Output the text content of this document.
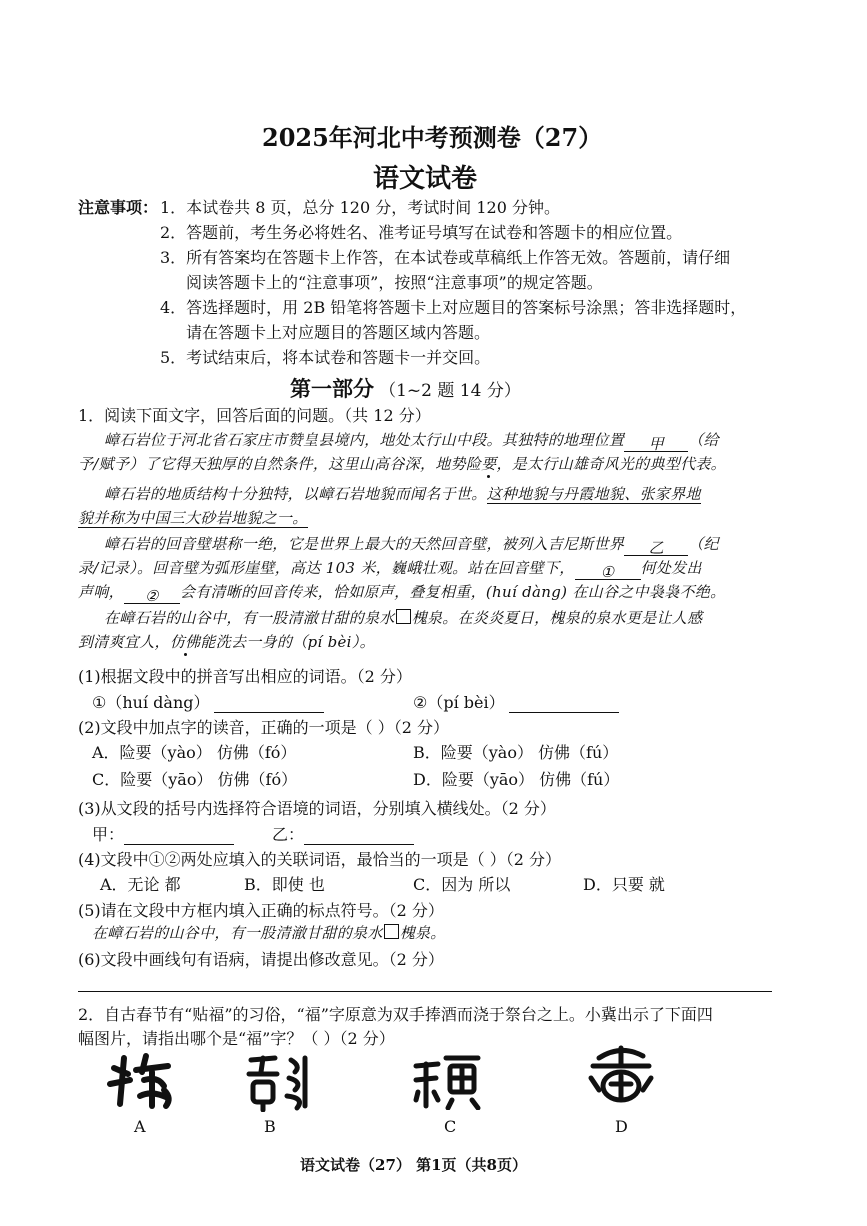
2025年河北中考预测卷（27）
语文试卷
注意事项： 1．本试卷共 8 页，总分 120 分，考试时间 120 分钟。
2．答题前，考生务必将姓名、准考证号填写在试卷和答题卡的相应位置。
3．所有答案均在答题卡上作答，在本试卷或草稿纸上作答无效。答题前，请仔细
阅读答题卡上的“注意事项”，按照“注意事项”的规定答题。
4．答选择题时，用 2B 铅笔将答题卡上对应题目的答案标号涂黑；答非选择题时，
请在答题卡上对应题目的答题区域内答题。
5．考试结束后，将本试卷和答题卡一并交回。
第一部分 （1~2 题 14 分）
1．阅读下面文字，回答后面的问题。（共 12 分）
嶂石岩位于河北省石家庄市赞皇县境内，地处太行山中段。其独特的地理位置 甲 （给
予/赋予）了它得天独厚的自然条件，这里山高谷深，地势险要，是太行山雄奇风光的典型代表。
嶂石岩的地质结构十分独特，以嶂石岩地貌而闻名于世。这种地貌与丹霞地貌、张家界地
貌并称为中国三大砂岩地貌之一。
嶂石岩的回音壁堪称一绝，它是世界上最大的天然回音壁，被列入吉尼斯世界 乙 （纪
录/记录）。回音壁为弧形崖壁，高达 103 米，巍峨壮观。站在回音壁下， ① 何处发出
声响， ② 会有清晰的回音传来，恰如原声，叠复相重，(huí dàng) 在山谷之中袅袅不绝。
在嶂石岩的山谷中，有一股清澈甘甜的泉水 槐泉。在炎炎夏日，槐泉的泉水更是让人感
到清爽宜人，仿佛能洗去一身的（pí bèi）。
(1)根据文段中的拼音写出相应的词语。（2 分）
①（huí dàng）	②（pí bèi）
(2)文段中加点字的读音，正确的一项是（ ）（2 分）
A．险要（yào） 仿佛（fó）	B．险要（yào） 仿佛（fú）
C．险要（yāo） 仿佛（fó）	D．险要（yāo） 仿佛（fú）
(3)从文段的括号内选择符合语境的词语，分别填入横线处。（2 分）
甲：	乙：
(4)文段中①②两处应填入的关联词语，最恰当的一项是（ ）（2 分）
A．无论 都	B．即使 也	C．因为 所以	D．只要 就
(5)请在文段中方框内填入正确的标点符号。（2 分）
在嶂石岩的山谷中，有一股清澈甘甜的泉水 槐泉。
(6)文段中画线句有语病，请提出修改意见。（2 分）
2．自古春节有“贴福”的习俗，“福”字原意为双手捧酒而浇于祭台之上。小冀出示了下面四
幅图片，请指出哪个是“福”字？（ ）（2 分）
A	B	C	D
语文试卷（27） 第1页（共8页）
